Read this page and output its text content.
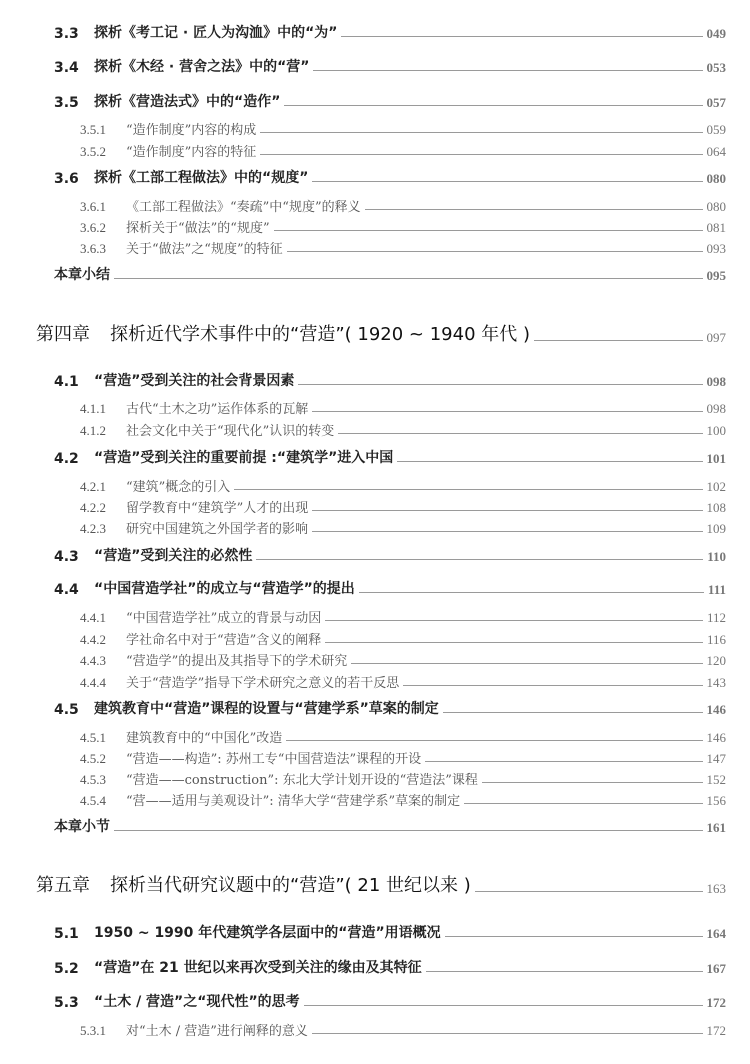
3.3	探析《考工记 · 匠人为沟洫》中的“为”	049
3.4	探析《木经 · 营舍之法》中的“营”	053
3.5	探析《营造法式》中的“造作”	057
3.5.1	“造作制度”内容的构成	059
3.5.2	“造作制度”内容的特征	064
3.6	探析《工部工程做法》中的“规度”	080
3.6.1	《工部工程做法》“奏疏”中“规度”的释义	080
3.6.2	探析关于“做法”的“规度”	081
3.6.3	关于“做法”之“规度”的特征	093
本章小结	095
第四章	探析近代学术事件中的“营造”( 1920 ~ 1940 年代 )	097
4.1	“营造”受到关注的社会背景因素	098
4.1.1	古代“土木之功”运作体系的瓦解	098
4.1.2	社会文化中关于“现代化”认识的转变	100
4.2	“营造”受到关注的重要前提 :“建筑学”进入中国	101
4.2.1	“建筑”概念的引入	102
4.2.2	留学教育中“建筑学”人才的出现	108
4.2.3	研究中国建筑之外国学者的影响	109
4.3	“营造”受到关注的必然性	110
4.4	“中国营造学社”的成立与“营造学”的提出	111
4.4.1	“中国营造学社”成立的背景与动因	112
4.4.2	学社命名中对于“营造”含义的阐释	116
4.4.3	“营造学”的提出及其指导下的学术研究	120
4.4.4	关于“营造学”指导下学术研究之意义的若干反思	143
4.5	建筑教育中“营造”课程的设置与“营建学系”草案的制定	146
4.5.1	建筑教育中的“中国化”改造	146
4.5.2	“营造——构造”: 苏州工专“中国营造法”课程的开设	147
4.5.3	“营造——construction”: 东北大学计划开设的“营造法”课程	152
4.5.4	“营——适用与美观设计”: 清华大学“营建学系”草案的制定	156
本章小节	161
第五章	探析当代研究议题中的“营造”( 21 世纪以来 )	163
5.1	1950 ~ 1990 年代建筑学各层面中的“营造”用语概况	164
5.2	“营造”在 21 世纪以来再次受到关注的缘由及其特征	167
5.3	“土木 / 营造”之“现代性”的思考	172
5.3.1	对“土木 / 营造”进行阐释的意义	172
